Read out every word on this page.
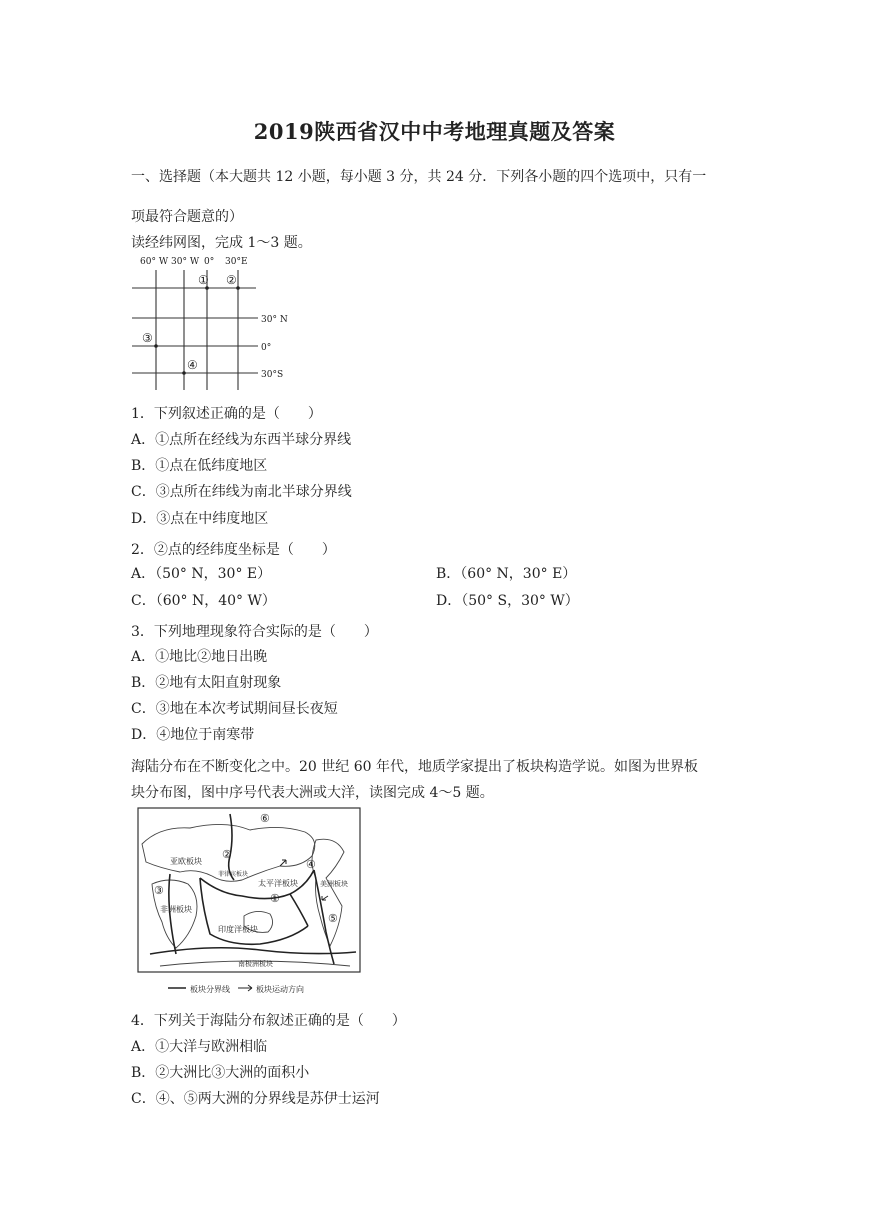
2019陕西省汉中中考地理真题及答案
一、选择题（本大题共 12 小题，每小题 3 分，共 24 分．下列各小题的四个选项中，只有一
项最符合题意的）
读经纬网图，完成 1～3 题。
60° W 30° W 0° 30°E
30° N
0°
30°S
① ②
③
④
1．下列叙述正确的是（　　）
A．①点所在经线为东西半球分界线
B．①点在低纬度地区
C．③点所在纬线为南北半球分界线
D．③点在中纬度地区
2．②点的经纬度坐标是（　　）
A．（50° N，30° E）	B．（60° N，30° E）
C．（60° N，40° W）	D．（50° S，30° W）
3．下列地理现象符合实际的是（　　）
A．①地比②地日出晚
B．②地有太阳直射现象
C．③地在本次考试期间昼长夜短
D．④地位于南寒带
海陆分布在不断变化之中。20 世纪 60 年代，地质学家提出了板块构造学说。如图为世界板
块分布图，图中序号代表大洲或大洋，读图完成 4～5 题。
亚欧板块
非洲板块
太平洋板块
印度洋板块
南极洲板块
美洲板块
菲律宾板块
①
②
③
④
⑤
⑥
板块分界线	板块运动方向
4．下列关于海陆分布叙述正确的是（　　）
A．①大洋与欧洲相临
B．②大洲比③大洲的面积小
C．④、⑤两大洲的分界线是苏伊士运河
